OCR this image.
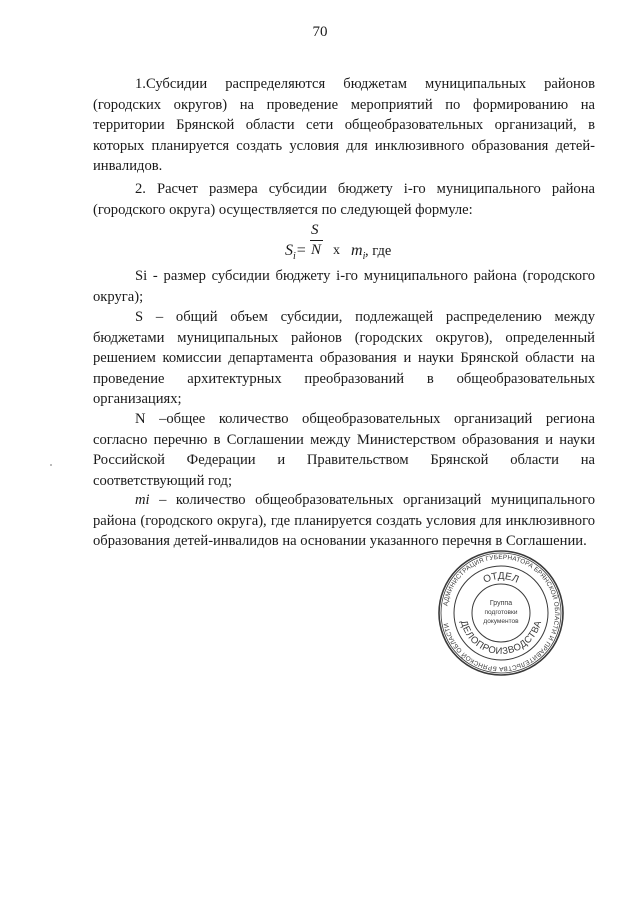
70

1.Субсидии распределяются бюджетам муниципальных районов (городских округов) на проведение мероприятий по формированию на территории Брянской области сети общеобразовательных организаций, в которых планируется создать условия для инклюзивного образования детей-инвалидов.

2. Расчет размера субсидии бюджету i-го муниципального района (городского округа) осуществляется по следующей формуле:

S
$S_i= N$ х $m_i$ , где

Si - размер субсидии бюджету i-го муниципального района (городского округа);

S – общий объем субсидии, подлежащей распределению между бюджетами муниципальных районов (городских округов), определенный решением комиссии департамента образования и науки Брянской области на проведение архитектурных преобразований в общеобразовательных организациях;

N –общее количество общеобразовательных организаций региона согласно перечню в Соглашении между Министерством образования и науки Российской Федерации и Правительством Брянской области на соответствующий год;

mi – количество общеобразовательных организаций муниципального района (городского округа), где планируется создать условия для инклюзивного образования детей-инвалидов на основании указанного перечня в Соглашении.

АДМИНИСТРАЦИЯ ГУБЕРНАТОРА БРЯНСКОЙ ОБЛАСТИ И ПРАВИТЕЛЬСТВА БРЯНСКОЙ ОБЛАСТИ
ОТДЕЛ
ДЕЛОПРОИЗВОДСТВА
Группа
подготовки
документов
